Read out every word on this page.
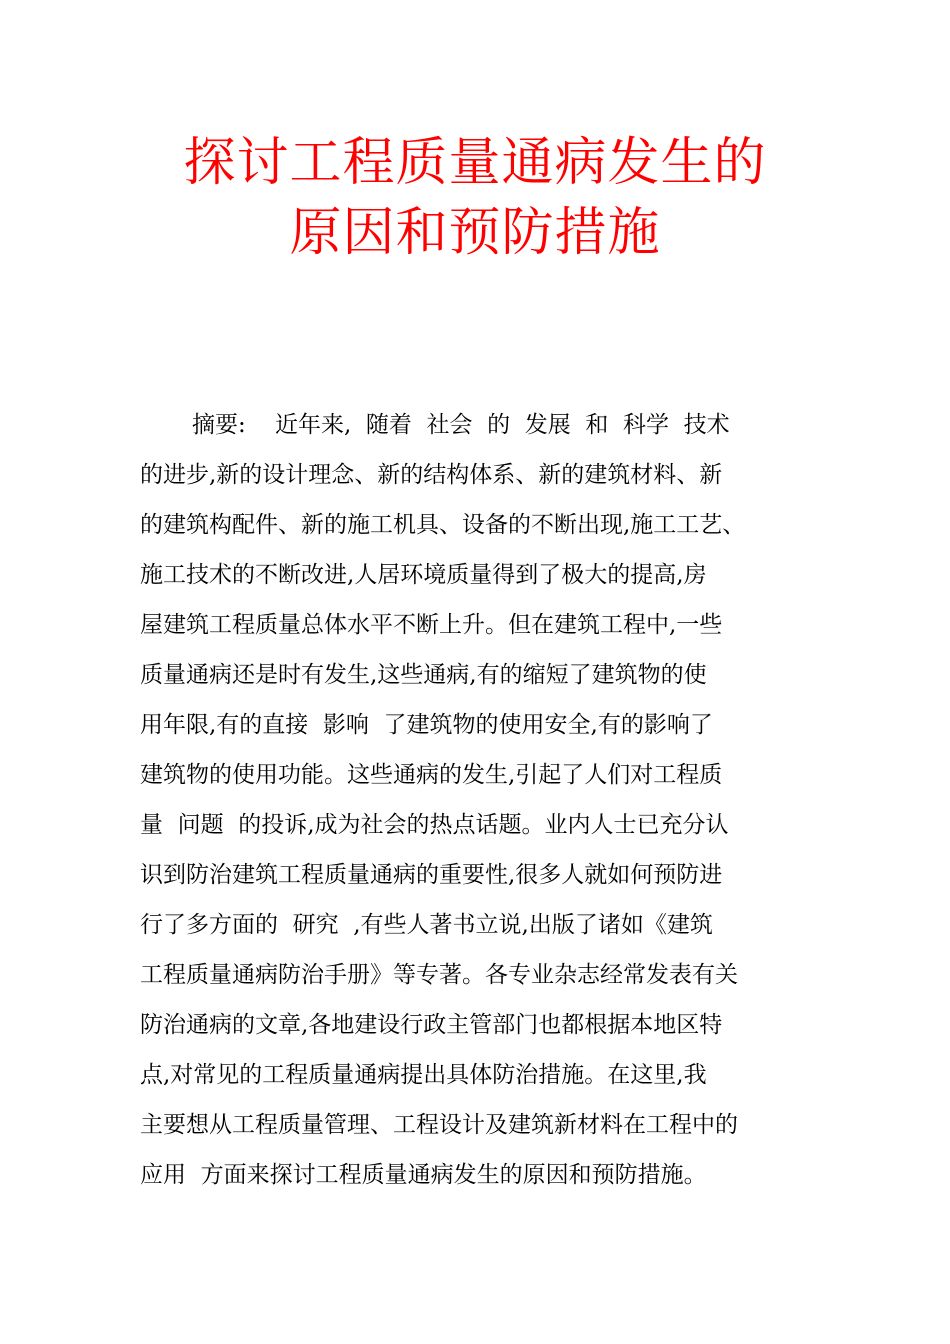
探讨工程质量通病发生的
原因和预防措施
摘要:    近年来,  随着  社会  的  发展  和  科学  技术
的进步,新的设计理念、新的结构体系、新的建筑材料、新
的建筑构配件、新的施工机具、设备的不断出现,施工工艺、
施工技术的不断改进,人居环境质量得到了极大的提高,房
屋建筑工程质量总体水平不断上升。但在建筑工程中,一些
质量通病还是时有发生,这些通病,有的缩短了建筑物的使
用年限,有的直接  影响  了建筑物的使用安全,有的影响了
建筑物的使用功能。这些通病的发生,引起了人们对工程质
量  问题  的投诉,成为社会的热点话题。业内人士已充分认
识到防治建筑工程质量通病的重要性,很多人就如何预防进
行了多方面的  研究  ,有些人著书立说,出版了诸如《建筑
工程质量通病防治手册》等专著。各专业杂志经常发表有关
防治通病的文章,各地建设行政主管部门也都根据本地区特
点,对常见的工程质量通病提出具体防治措施。在这里,我
主要想从工程质量管理、工程设计及建筑新材料在工程中的
应用  方面来探讨工程质量通病发生的原因和预防措施。
